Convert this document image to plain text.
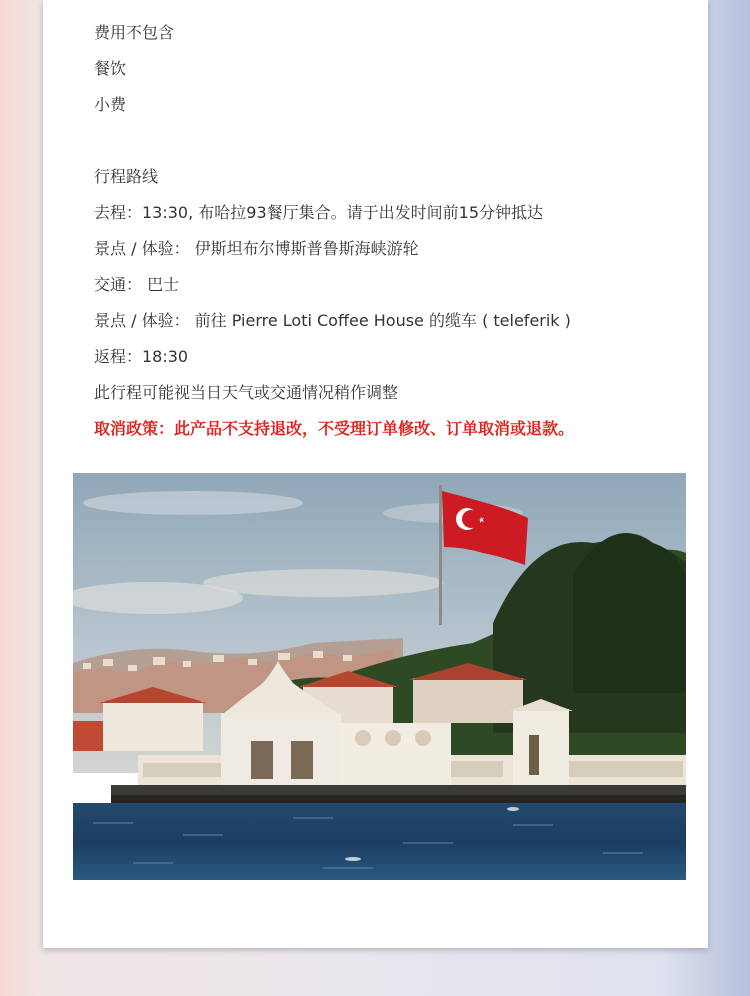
费用不包含
餐饮
小费
行程路线
去程：13:30, 布哈拉93餐厅集合。请于出发时间前15分钟抵达
景点 / 体验： 伊斯坦布尔博斯普鲁斯海峡游轮
交通： 巴士
景点 / 体验： 前往 Pierre Loti Coffee House 的缆车 ( teleferik )
返程：18:30
此行程可能视当日天气或交通情况稍作调整
取消政策：此产品不支持退改，不受理订单修改、订单取消或退款。
